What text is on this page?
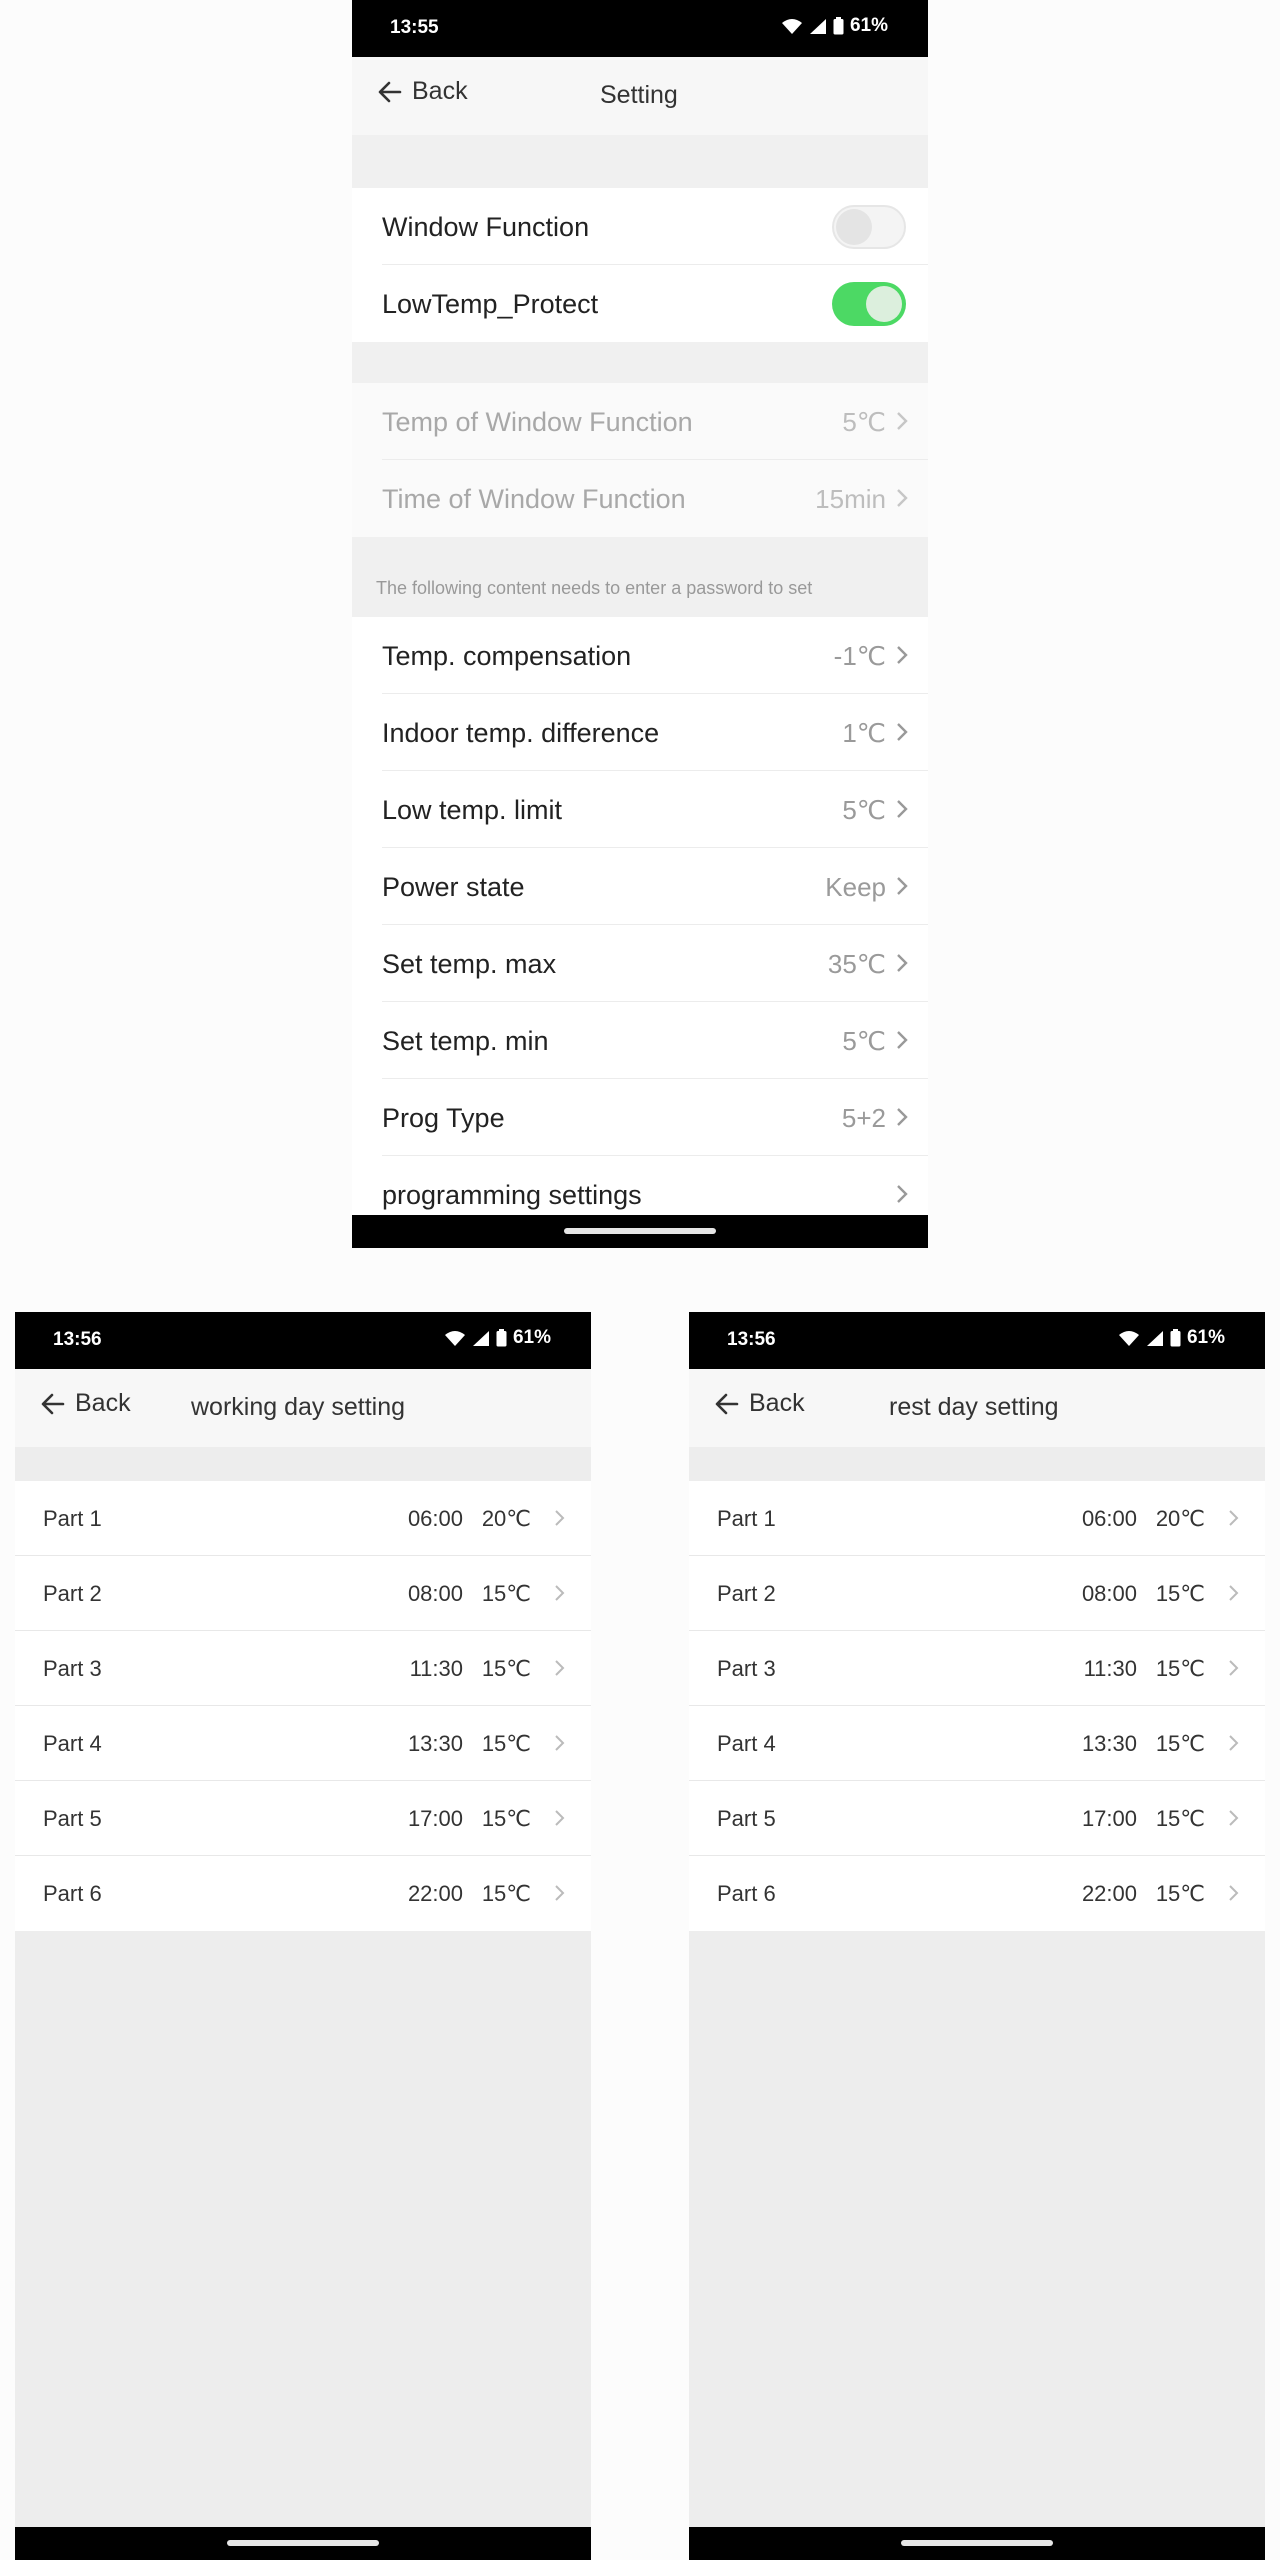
13:55	61%
Back	Setting
Window Function
LowTemp_Protect
Temp of Window Function	5℃
Time of Window Function	15min
The following content needs to enter a password to set
Temp. compensation	-1℃
Indoor temp. difference	1℃
Low temp. limit	5℃
Power state	Keep
Set temp. max	35℃
Set temp. min	5℃
Prog Type	5+2
programming settings
13:56	61%
Back working day setting
Part 1	06:00 20℃
Part 2	08:00 15℃
Part 3	11:30 15℃
Part 4	13:30 15℃
Part 5	17:00 15℃
Part 6	22:00 15℃
13:56	61%
Back	rest day setting
Part 1	06:00 20℃
Part 2	08:00 15℃
Part 3	11:30 15℃
Part 4	13:30 15℃
Part 5	17:00 15℃
Part 6	22:00 15℃
